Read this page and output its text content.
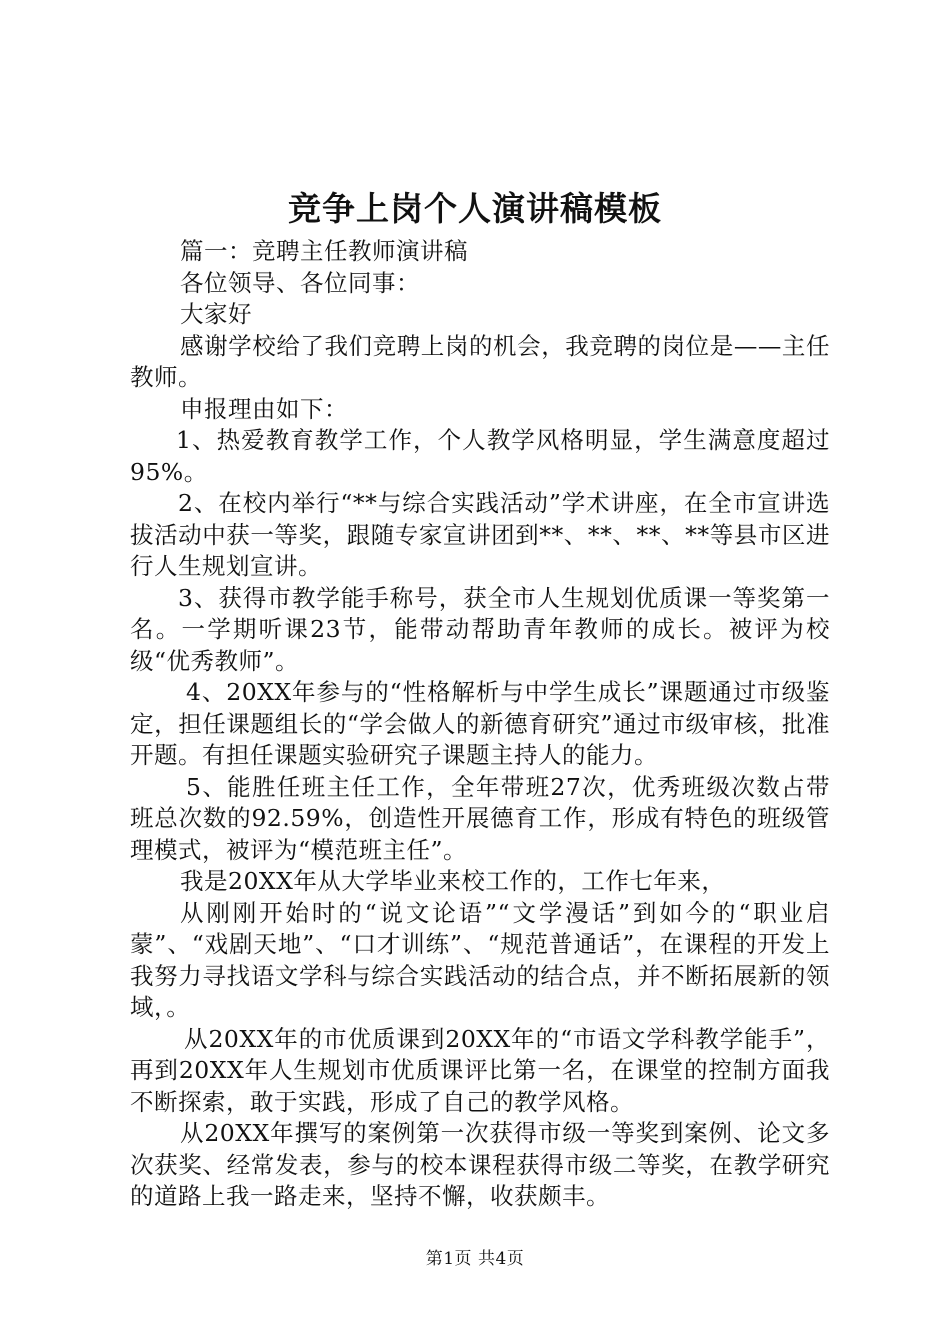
竞争上岗个人演讲稿模板

篇一：竞聘主任教师演讲稿

各位领导、各位同事：

大家好

感谢学校给了我们竞聘上岗的机会，我竞聘的岗位是——主任教师。

申报理由如下：

1、热爱教育教学工作，个人教学风格明显，学生满意度超过95%。

2、在校内举行“**与综合实践活动”学术讲座，在全市宣讲选拔活动中获一等奖，跟随专家宣讲团到**、**、**、**等县市区进行人生规划宣讲。

3、获得市教学能手称号，获全市人生规划优质课一等奖第一名。一学期听课23节，能带动帮助青年教师的成长。被评为校级“优秀教师”。

4、20XX年参与的“性格解析与中学生成长”课题通过市级鉴定，担任课题组长的“学会做人的新德育研究”通过市级审核，批准开题。有担任课题实验研究子课题主持人的能力。

5、能胜任班主任工作，全年带班27次，优秀班级次数占带班总次数的92.59%，创造性开展德育工作，形成有特色的班级管理模式，被评为“模范班主任”。

我是20XX年从大学毕业来校工作的，工作七年来，

从刚刚开始时的“说文论语”“文学漫话”到如今的“职业启蒙”、“戏剧天地”、“口才训练”、“规范普通话”，在课程的开发上我努力寻找语文学科与综合实践活动的结合点，并不断拓展新的领域，。

从20XX年的市优质课到20XX年的“市语文学科教学能手”，再到20XX年人生规划市优质课评比第一名，在课堂的控制方面我不断探索，敢于实践，形成了自己的教学风格。

从20XX年撰写的案例第一次获得市级一等奖到案例、论文多次获奖、经常发表，参与的校本课程获得市级二等奖，在教学研究的道路上我一路走来，坚持不懈，收获颇丰。

第1页 共4页
